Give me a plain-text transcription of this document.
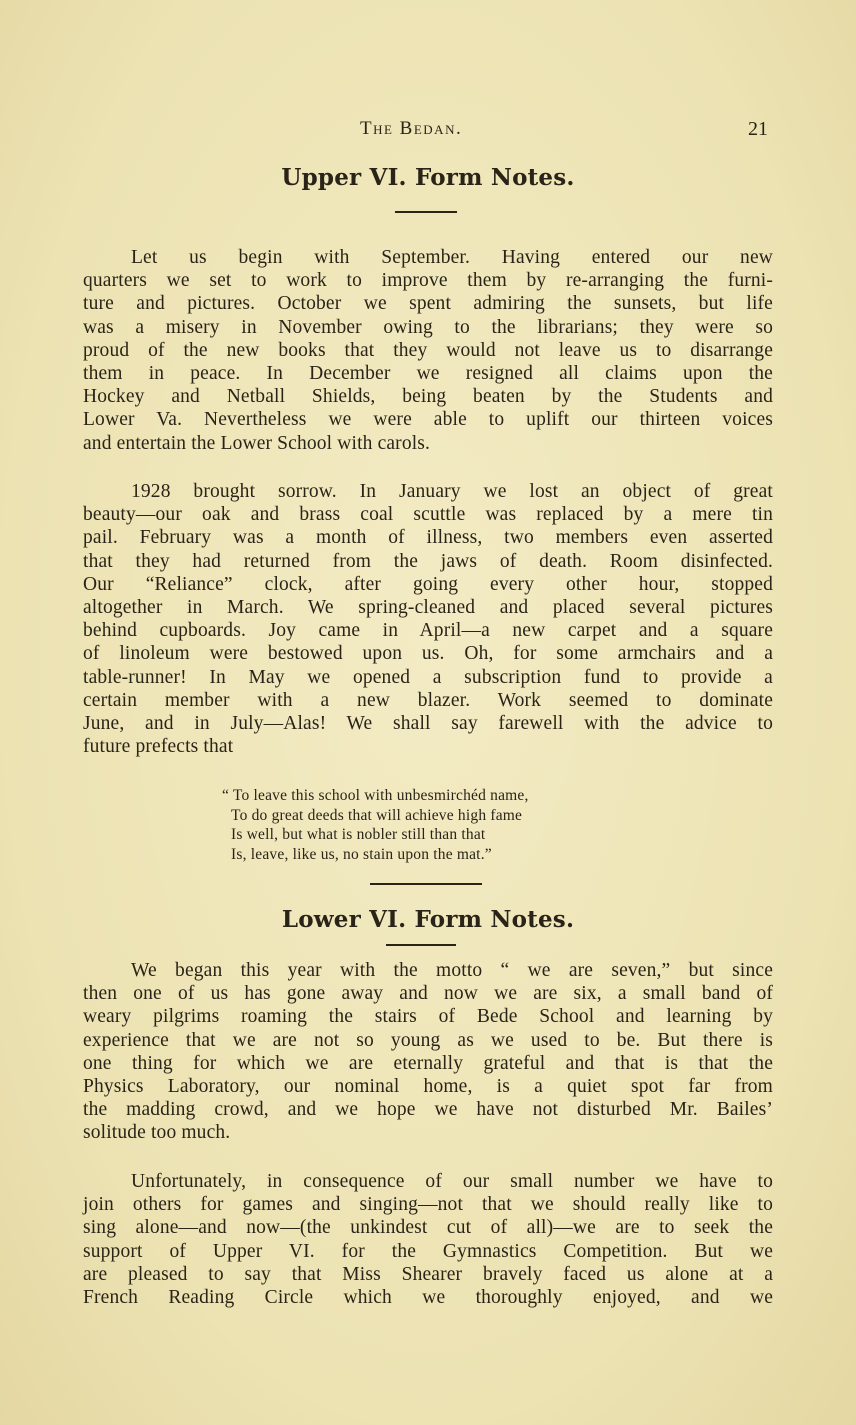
The Bedan.	21
Upper VI. Form Notes.
Let us begin with September. Having entered our new
quarters we set to work to improve them by re-arranging the furni-
ture and pictures. October we spent admiring the sunsets, but life
was a misery in November owing to the librarians; they were so
proud of the new books that they would not leave us to disarrange
them in peace. In December we resigned all claims upon the
Hockey and Netball Shields, being beaten by the Students and
Lower Va. Nevertheless we were able to uplift our thirteen voices
and entertain the Lower School with carols.
1928 brought sorrow. In January we lost an object of great
beauty—our oak and brass coal scuttle was replaced by a mere tin
pail. February was a month of illness, two members even asserted
that they had returned from the jaws of death. Room disinfected.
Our “Reliance” clock, after going every other hour, stopped
altogether in March. We spring-cleaned and placed several pictures
behind cupboards. Joy came in April—a new carpet and a square
of linoleum were bestowed upon us. Oh, for some armchairs and a
table-runner! In May we opened a subscription fund to provide a
certain member with a new blazer. Work seemed to dominate
June, and in July—Alas! We shall say farewell with the advice to
future prefects that
“ To leave this school with unbesmirchéd name,
To do great deeds that will achieve high fame
Is well, but what is nobler still than that
Is, leave, like us, no stain upon the mat.”
Lower VI. Form Notes.
We began this year with the motto “ we are seven,” but since
then one of us has gone away and now we are six, a small band of
weary pilgrims roaming the stairs of Bede School and learning by
experience that we are not so young as we used to be. But there is
one thing for which we are eternally grateful and that is that the
Physics Laboratory, our nominal home, is a quiet spot far from
the madding crowd, and we hope we have not disturbed Mr. Bailes’
solitude too much.
Unfortunately, in consequence of our small number we have to
join others for games and singing—not that we should really like to
sing alone—and now—(the unkindest cut of all)—we are to seek the
support of Upper VI. for the Gymnastics Competition. But we
are pleased to say that Miss Shearer bravely faced us alone at a
French Reading Circle which we thoroughly enjoyed, and we
